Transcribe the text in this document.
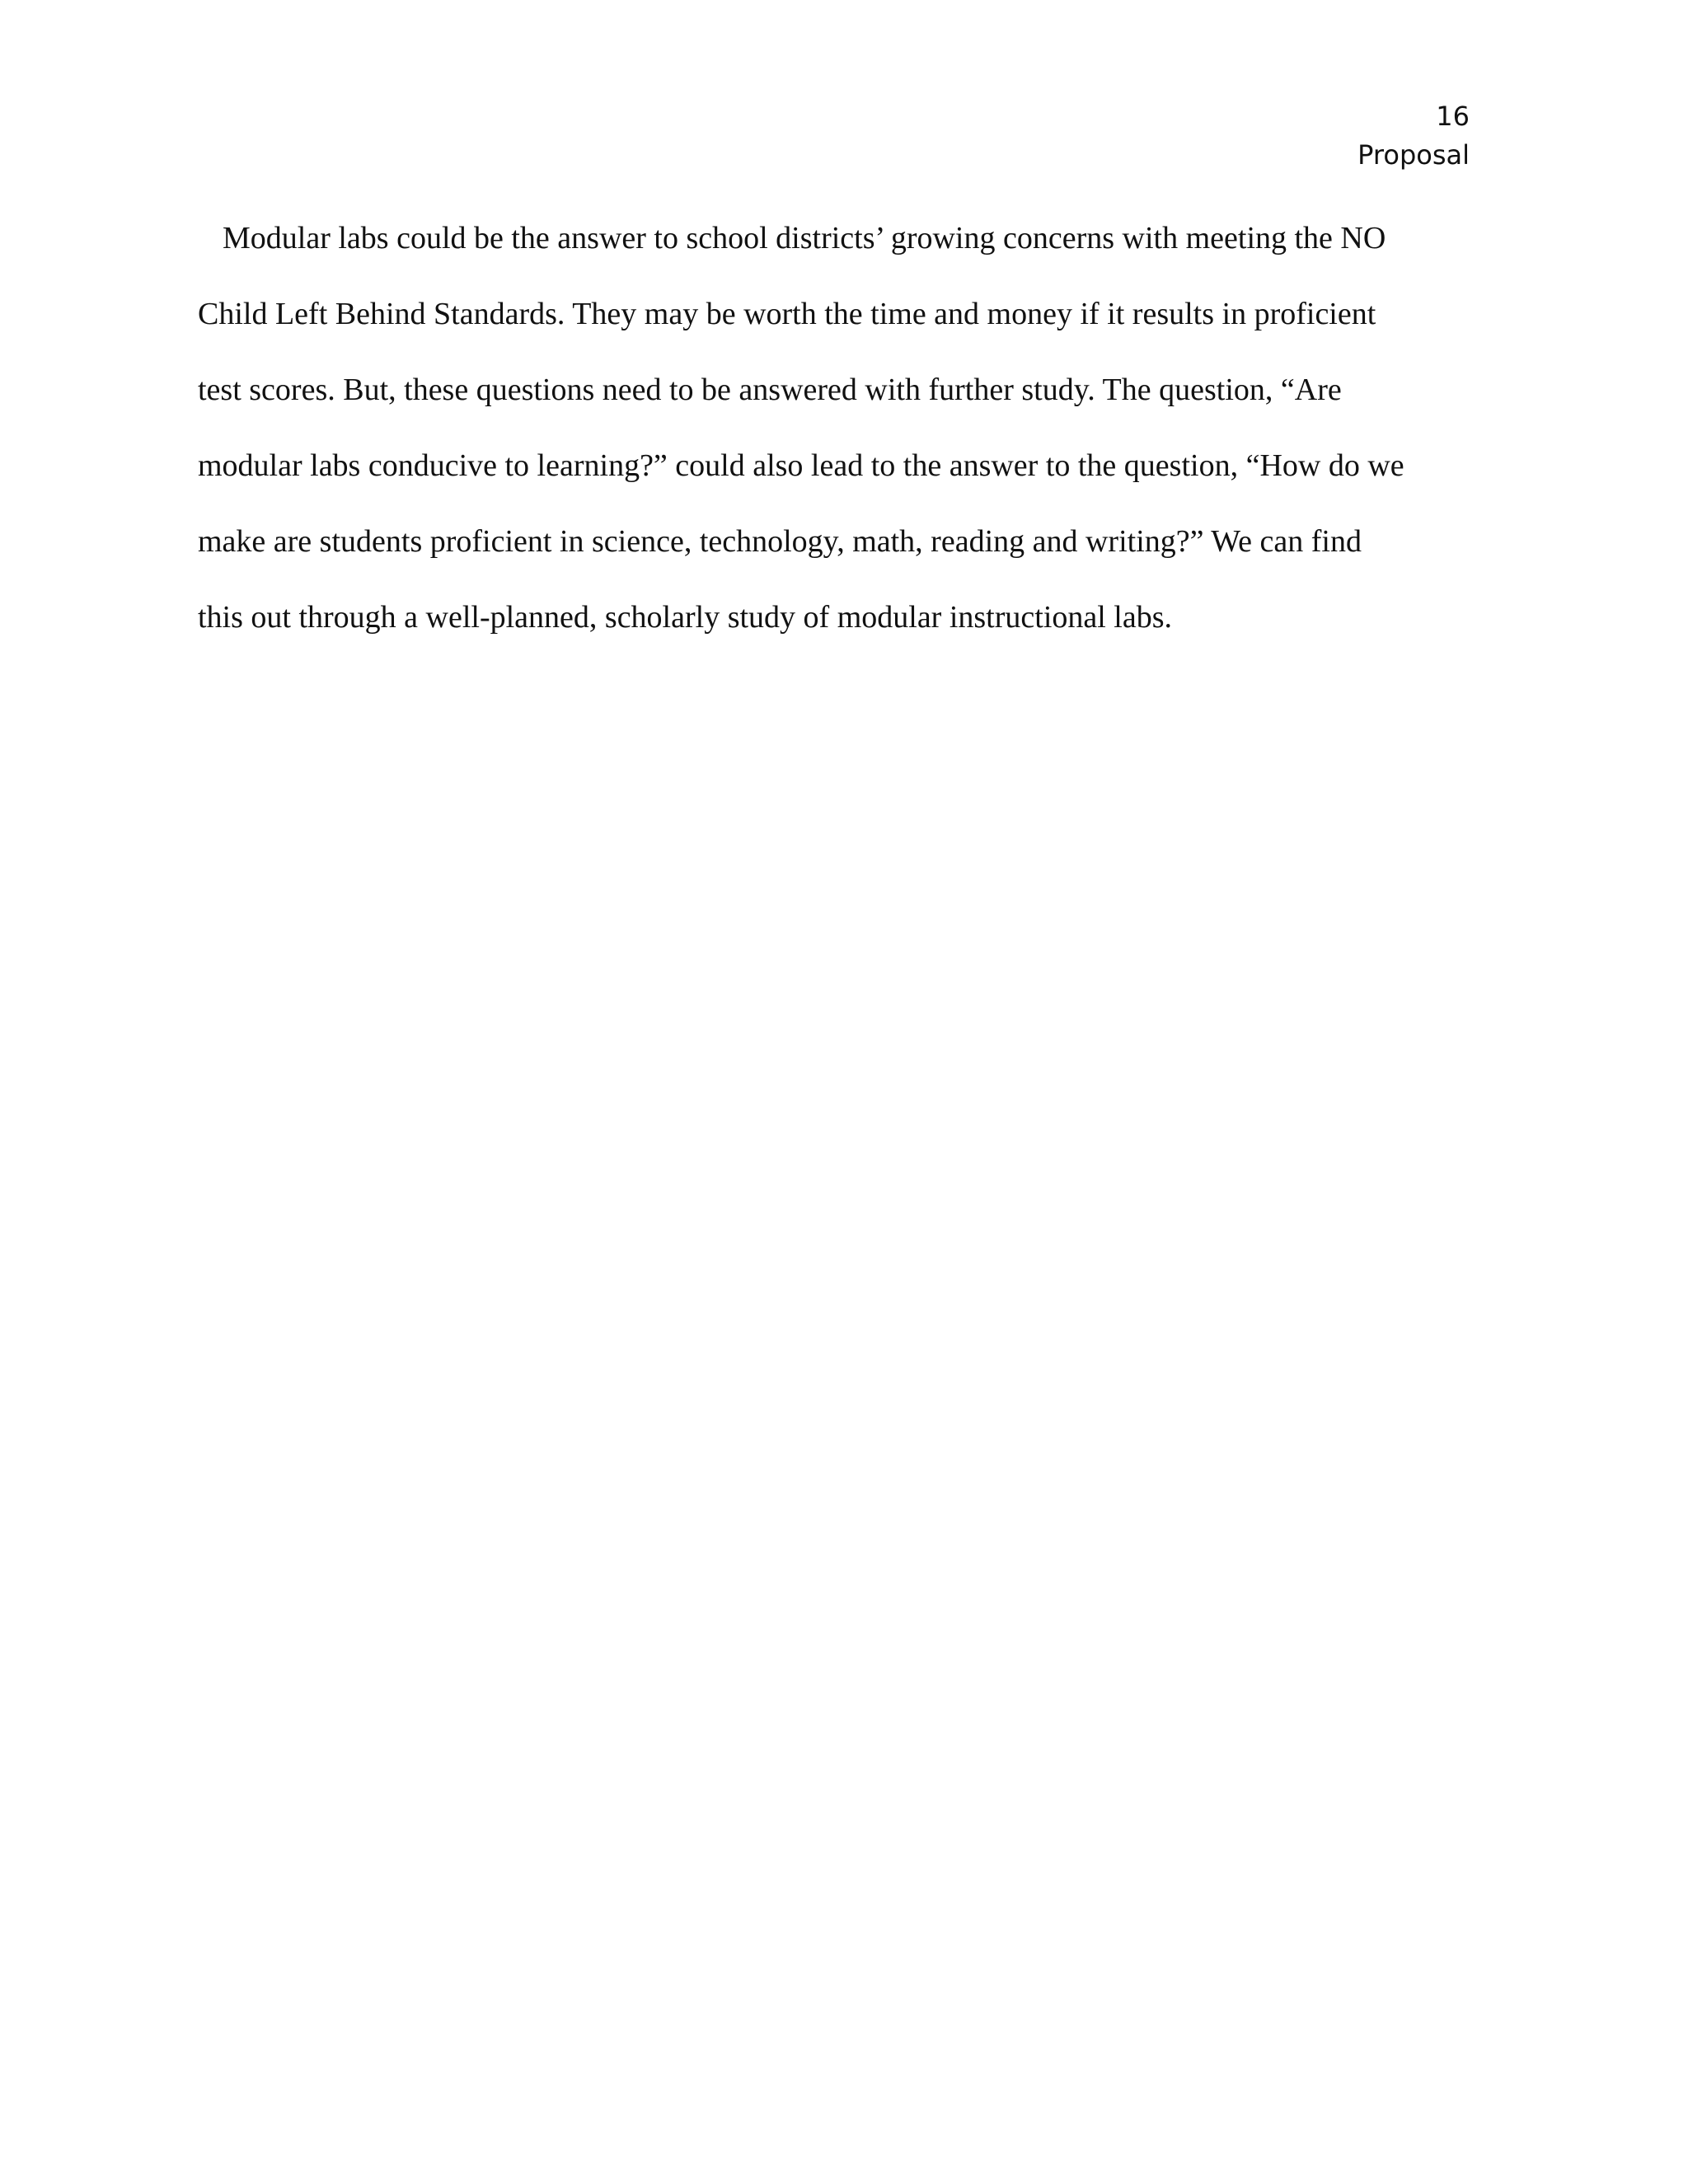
16
Proposal
Modular labs could be the answer to school districts’ growing concerns with meeting the NO
Child Left Behind Standards. They may be worth the time and money if it results in proficient
test scores. But, these questions need to be answered with further study. The question, “Are
modular labs conducive to learning?” could also lead to the answer to the question, “How do we
make are students proficient in science, technology, math, reading and writing?” We can find
this out through a well-planned, scholarly study of modular instructional labs.
